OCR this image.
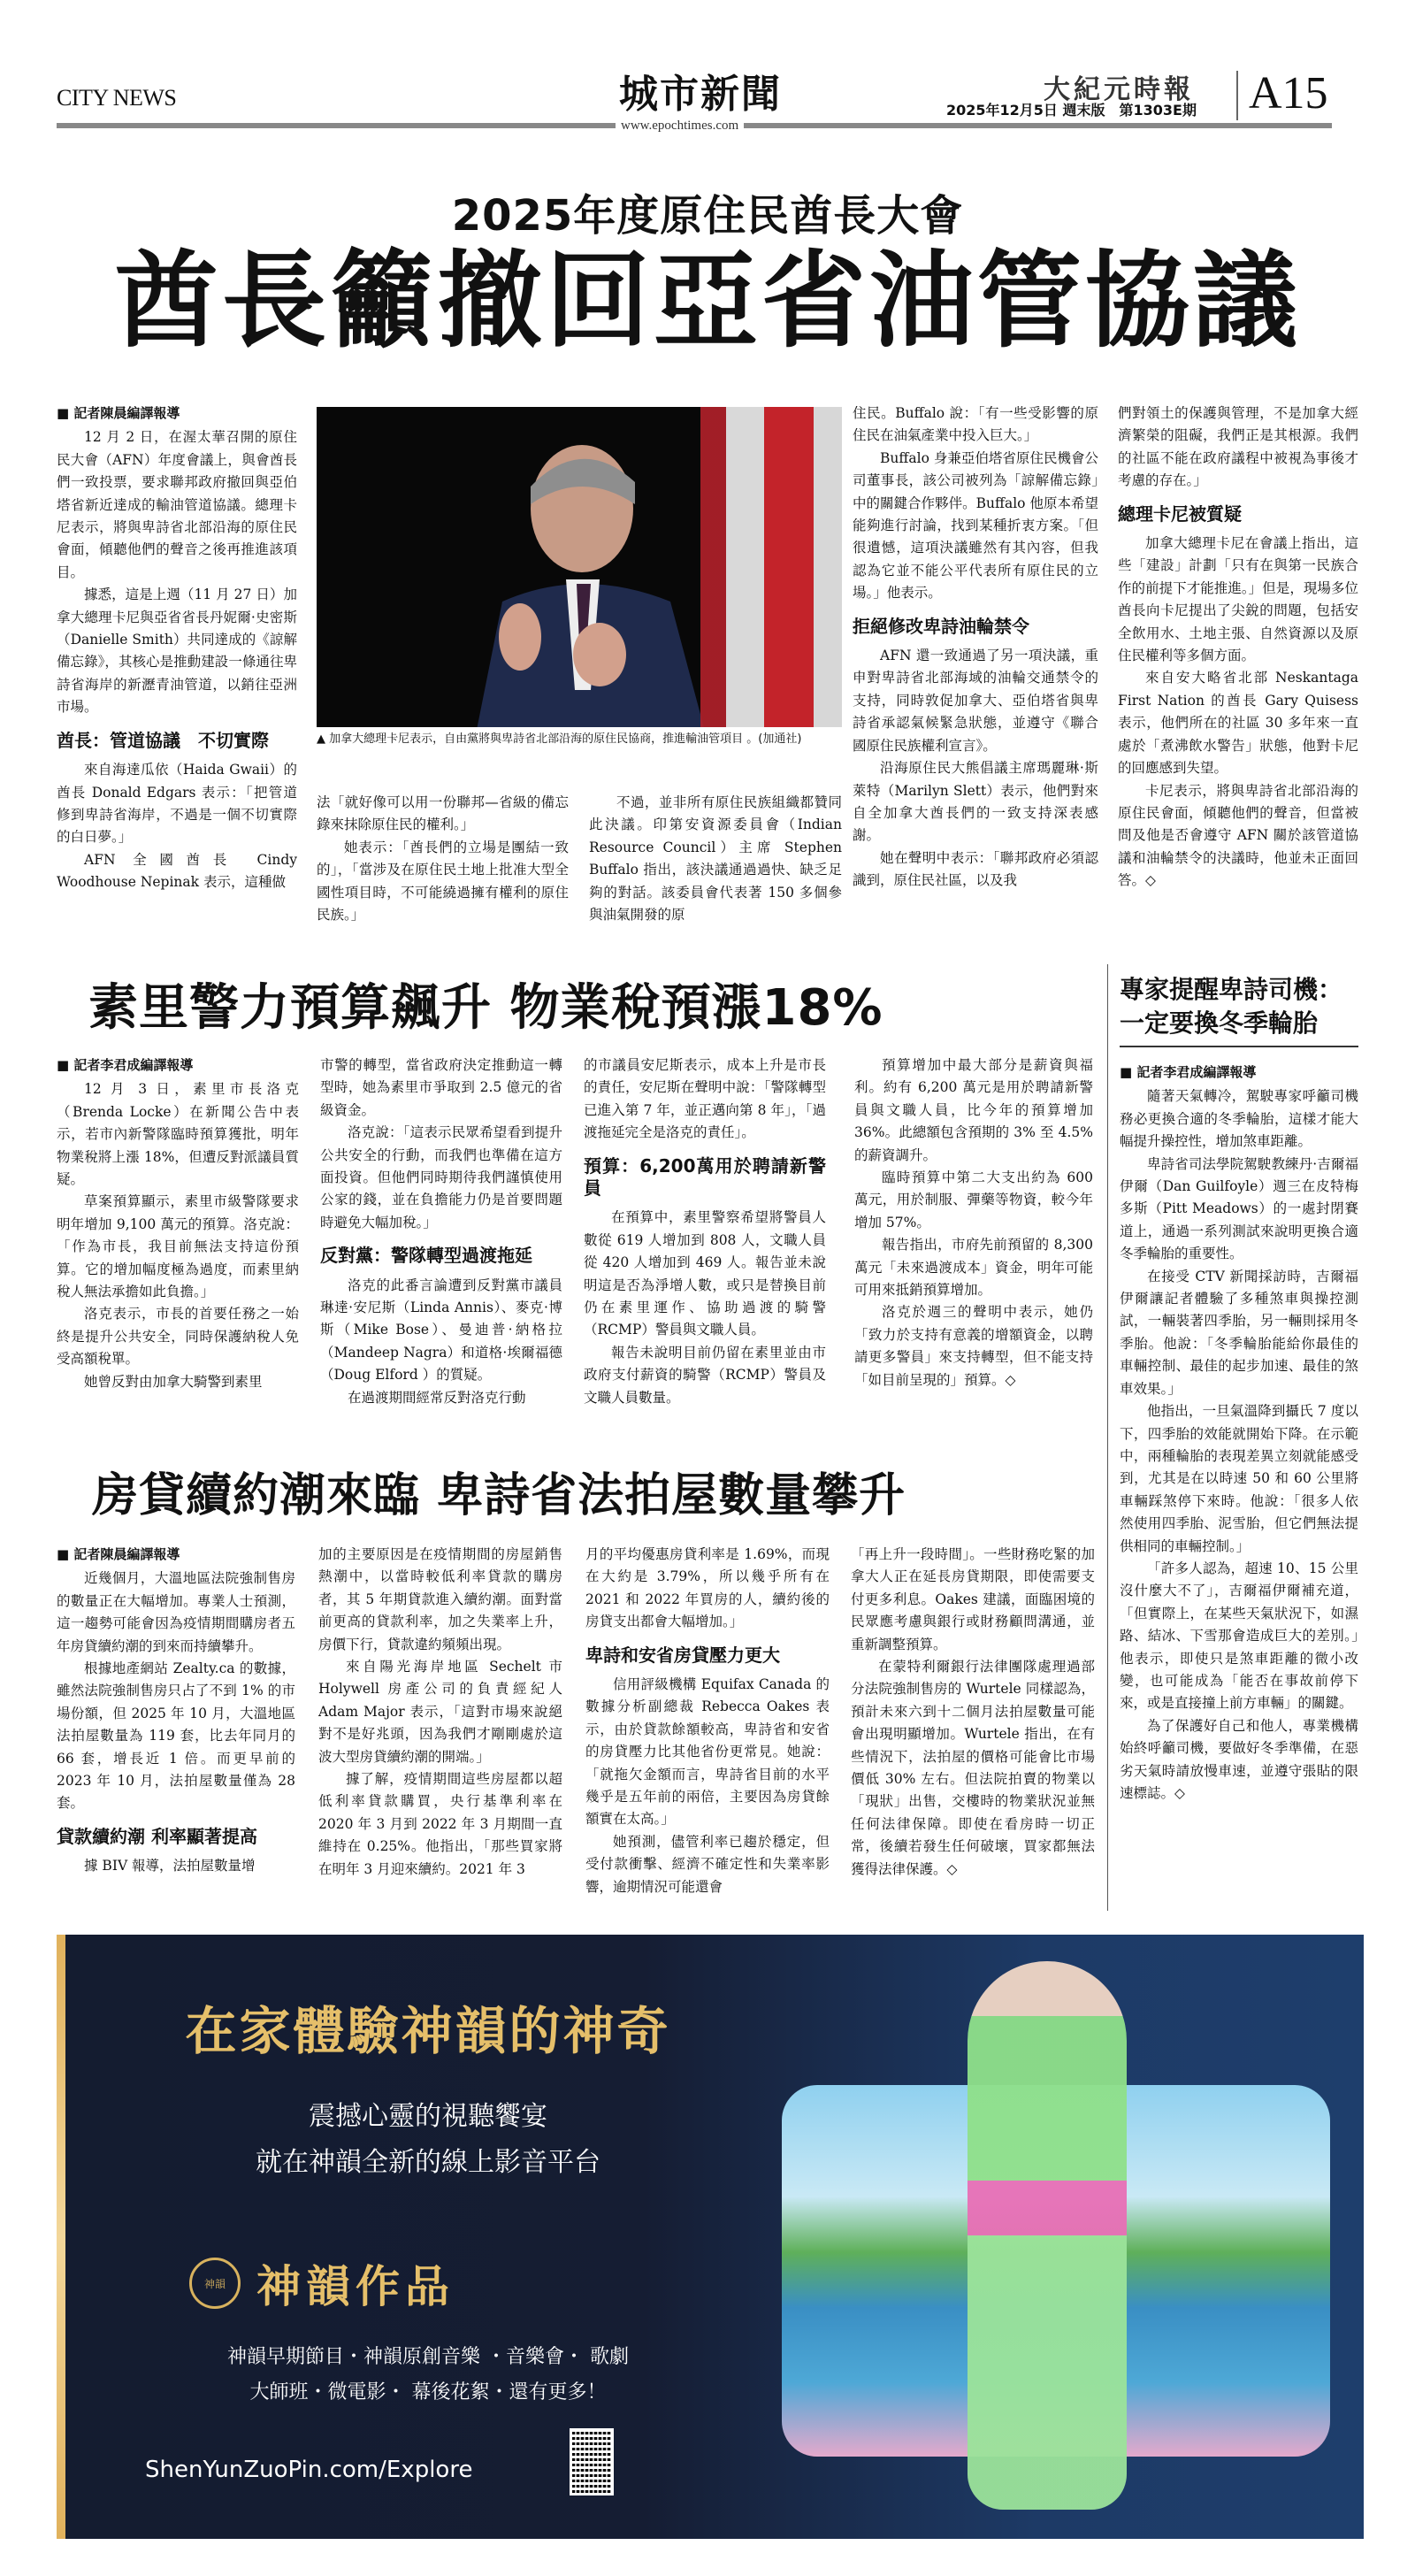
CITY NEWS	城市新聞	大紀元時報
2025年12月5日 週末版　第1303E期 A15
www.epochtimes.com
2025年度原住民酋長大會
酋長籲撤回亞省油管協議

■ 記者陳晨編譯報導

12 月 2 日，在渥太華召開的原住民大會（AFN）年度會議上，與會酋長們一致投票，要求聯邦政府撤回與亞伯塔省新近達成的輸油管道協議。總理卡尼表示，將與卑詩省北部沿海的原住民會面，傾聽他們的聲音之後再推進該項目。

據悉，這是上週（11 月 27 日）加拿大總理卡尼與亞省省長丹妮爾·史密斯（Danielle Smith）共同達成的《諒解備忘錄》，其核心是推動建設一條通往卑詩省海岸的新瀝青油管道，以銷往亞洲市場。

酋長：管道協議　不切實際

來自海達瓜依（Haida Gwaii）的酋長 Donald Edgars 表示：「把管道修到卑詩省海岸，不過是一個不切實際的白日夢。」

AFN 全國酋長 Cindy Woodhouse Nepinak 表示，這種做

▲ 加拿大總理卡尼表示，自由黨將與卑詩省北部沿海的原住民協商，推進輸油管項目 。(加通社)

法「就好像可以用一份聯邦—省級的備忘錄來抹除原住民的權利。」

她表示：「酋長們的立場是團結一致的」，「當涉及在原住民土地上批准大型全國性項目時，不可能繞過擁有權利的原住民族。」

不過，並非所有原住民族組織都贊同此決議。印第安資源委員會（Indian Resource Council）主席 Stephen Buffalo 指出，該決議通過過快、缺乏足夠的對話。該委員會代表著 150 多個參與油氣開發的原

住民。Buffalo 說：「有一些受影響的原住民在油氣產業中投入巨大。」

Buffalo 身兼亞伯塔省原住民機會公司董事長，該公司被列為「諒解備忘錄」中的關鍵合作夥伴。Buffalo 他原本希望能夠進行討論，找到某種折衷方案。「但很遺憾，這項決議雖然有其內容，但我認為它並不能公平代表所有原住民的立場。」他表示。

拒絕修改卑詩油輪禁令

AFN 還一致通過了另一項決議，重申對卑詩省北部海域的油輪交通禁令的支持，同時敦促加拿大、亞伯塔省與卑詩省承認氣候緊急狀態，並遵守《聯合國原住民族權利宣言》。

沿海原住民大熊倡議主席瑪麗琳·斯萊特（Marilyn Slett）表示，他們對來自全加拿大酋長們的一致支持深表感謝。

她在聲明中表示：「聯邦政府必須認識到，原住民社區，以及我

們對領土的保護與管理，不是加拿大經濟繁榮的阻礙，我們正是其根源。我們的社區不能在政府議程中被視為事後才考慮的存在。」

總理卡尼被質疑

加拿大總理卡尼在會議上指出，這些「建設」計劃「只有在與第一民族合作的前提下才能推進。」但是，現場多位酋長向卡尼提出了尖銳的問題，包括安全飲用水、土地主張、自然資源以及原住民權利等多個方面。

來自安大略省北部 Neskantaga First Nation 的酋長 Gary Quisess 表示，他們所在的社區 30 多年來一直處於「煮沸飲水警告」狀態，他對卡尼的回應感到失望。

卡尼表示，將與卑詩省北部沿海的原住民會面，傾聽他們的聲音，但當被問及他是否會遵守 AFN 關於該管道協議和油輪禁令的決議時，他並未正面回答。◇

素里警力預算飆升 物業稅預漲18%

■ 記者李君成編譯報導

12 月 3 日，素里市長洛克（Brenda Locke）在新聞公告中表示，若市內新警隊臨時預算獲批，明年物業稅將上漲 18%，但遭反對派議員質疑。

草案預算顯示，素里市級警隊要求明年增加 9,100 萬元的預算。洛克說：「作為市長，我目前無法支持這份預算。它的增加幅度極為過度，而素里納稅人無法承擔如此負擔。」

洛克表示，市長的首要任務之一始終是提升公共安全，同時保護納稅人免受高額稅單。

她曾反對由加拿大騎警到素里

市警的轉型，當省政府決定推動這一轉型時，她為素里市爭取到 2.5 億元的省級資金。

洛克說：「這表示民眾希望看到提升公共安全的行動，而我們也準備在這方面投資。但他們同時期待我們謹慎使用公家的錢，並在負擔能力仍是首要問題時避免大幅加稅。」

反對黨：警隊轉型過渡拖延

洛克的此番言論遭到反對黨市議員琳達·安尼斯（Linda Annis）、麥克·博斯（Mike Bose）、曼迪普·納格拉（Mandeep Nagra）和道格·埃爾福德（Doug Elford ）的質疑。

在過渡期間經常反對洛克行動

的市議員安尼斯表示，成本上升是市長的責任，安尼斯在聲明中說：「警隊轉型已進入第 7 年，並正邁向第 8 年」，「過渡拖延完全是洛克的責任」。

預算：6,200萬用於聘請新警員

在預算中，素里警察希望將警員人數從 619 人增加到 808 人，文職人員從 420 人增加到 469 人。報告並未說明這是否為淨增人數，或只是替換目前仍在素里運作、協助過渡的騎警（RCMP）警員與文職人員。

報告未說明目前仍留在素里並由市政府支付薪資的騎警（RCMP）警員及文職人員數量。

預算增加中最大部分是薪資與福利。約有 6,200 萬元是用於聘請新警員與文職人員，比今年的預算增加 36%。此總額包含預期的 3% 至 4.5% 的薪資調升。

臨時預算中第二大支出約為 600 萬元，用於制服、彈藥等物資，較今年增加 57%。

報告指出，市府先前預留的 8,300 萬元「未來過渡成本」資金，明年可能可用來抵銷預算增加。

洛克於週三的聲明中表示，她仍「致力於支持有意義的增額資金，以聘請更多警員」來支持轉型，但不能支持「如目前呈現的」預算。◇

專家提醒卑詩司機：
一定要換冬季輪胎

■ 記者李君成編譯報導

隨著天氣轉冷，駕駛專家呼籲司機務必更換合適的冬季輪胎，這樣才能大幅提升操控性，增加煞車距離。

卑詩省司法學院駕駛教練丹·吉爾福伊爾（Dan Guilfoyle）週三在皮特梅多斯（Pitt Meadows）的一處封閉賽道上，通過一系列測試來說明更換合適冬季輪胎的重要性。

在接受 CTV 新聞採訪時，吉爾福伊爾讓記者體驗了多種煞車與操控測試，一輛裝著四季胎，另一輛則採用冬季胎。他說：「冬季輪胎能給你最佳的車輛控制、最佳的起步加速、最佳的煞車效果。」

他指出，一旦氣溫降到攝氏 7 度以下，四季胎的效能就開始下降。在示範中，兩種輪胎的表現差異立刻就能感受到，尤其是在以時速 50 和 60 公里將車輛踩煞停下來時。他說：「很多人依然使用四季胎、泥雪胎，但它們無法提供相同的車輛控制。」

「許多人認為，超速 10、15 公里沒什麼大不了」，吉爾福伊爾補充道，「但實際上，在某些天氣狀況下，如濕路、結冰、下雪那會造成巨大的差別。」他表示，即使只是煞車距離的微小改變，也可能成為「能否在事故前停下來，或是直接撞上前方車輛」的關鍵。

為了保護好自己和他人，專業機構始終呼籲司機，要做好冬季準備，在惡劣天氣時請放慢車速，並遵守張貼的限速標誌。◇

房貸續約潮來臨 卑詩省法拍屋數量攀升

■ 記者陳晨編譯報導

近幾個月，大溫地區法院強制售房的數量正在大幅增加。專業人士預測，這一趨勢可能會因為疫情期間購房者五年房貸續約潮的到來而持續攀升。

根據地產網站 Zealty.ca 的數據，雖然法院強制售房只占了不到 1% 的市場份額，但 2025 年 10 月，大溫地區法拍屋數量為 119 套，比去年同月的 66 套，增長近 1 倍。而更早前的 2023 年 10 月，法拍屋數量僅為 28 套。

貸款續約潮 利率顯著提高

據 BIV 報導，法拍屋數量增

加的主要原因是在疫情期間的房屋銷售熱潮中，以當時較低利率貸款的購房者，其 5 年期貸款進入續約潮。面對當前更高的貸款利率，加之失業率上升，房價下行，貸款違約頻頻出現。

來自陽光海岸地區 Sechelt 市 Holywell 房產公司的負責經紀人 Adam Major 表示，「這對市場來說絕對不是好兆頭，因為我們才剛剛處於這波大型房貸續約潮的開端。」

據了解，疫情期間這些房屋都以超低利率貸款購買，央行基準利率在 2020 年 3 月到 2022 年 3 月期間一直維持在 0.25%。他指出，「那些買家將在明年 3 月迎來續約。2021 年 3

月的平均優惠房貸利率是 1.69%，而現在大約是 3.79%，所以幾乎所有在 2021 和 2022 年買房的人，續約後的房貸支出都會大幅增加。」

卑詩和安省房貸壓力更大

信用評級機構 Equifax Canada 的數據分析副總裁 Rebecca Oakes 表示，由於貸款餘額較高，卑詩省和安省的房貸壓力比其他省份更常見。她說：「就拖欠金額而言，卑詩省目前的水平幾乎是五年前的兩倍，主要因為房貸餘額實在太高。」

她預測，儘管利率已趨於穩定，但受付款衝擊、經濟不確定性和失業率影響，逾期情況可能還會

「再上升一段時間」。一些財務吃緊的加拿大人正在延長房貸期限，即使需要支付更多利息。Oakes 建議，面臨困境的民眾應考慮與銀行或財務顧問溝通，並重新調整預算。

在蒙特利爾銀行法律團隊處理過部分法院強制售房的 Wurtele 同樣認為，預計未來六到十二個月法拍屋數量可能會出現明顯增加。Wurtele 指出，在有些情況下，法拍屋的價格可能會比市場價低 30% 左右。但法院拍賣的物業以「現狀」出售，交樓時的物業狀況並無任何法律保障。即使在看房時一切正常，後續若發生任何破壞，買家都無法獲得法律保護。◇

在家體驗神韻的神奇
震撼心靈的視聽饗宴
就在神韻全新的線上影音平台
神韻 神韻作品
神韻早期節目・神韻原創音樂 ・音樂會・ 歌劇
大師班・微電影・ 幕後花絮・還有更多！
ShenYunZuoPin.com/Explore
